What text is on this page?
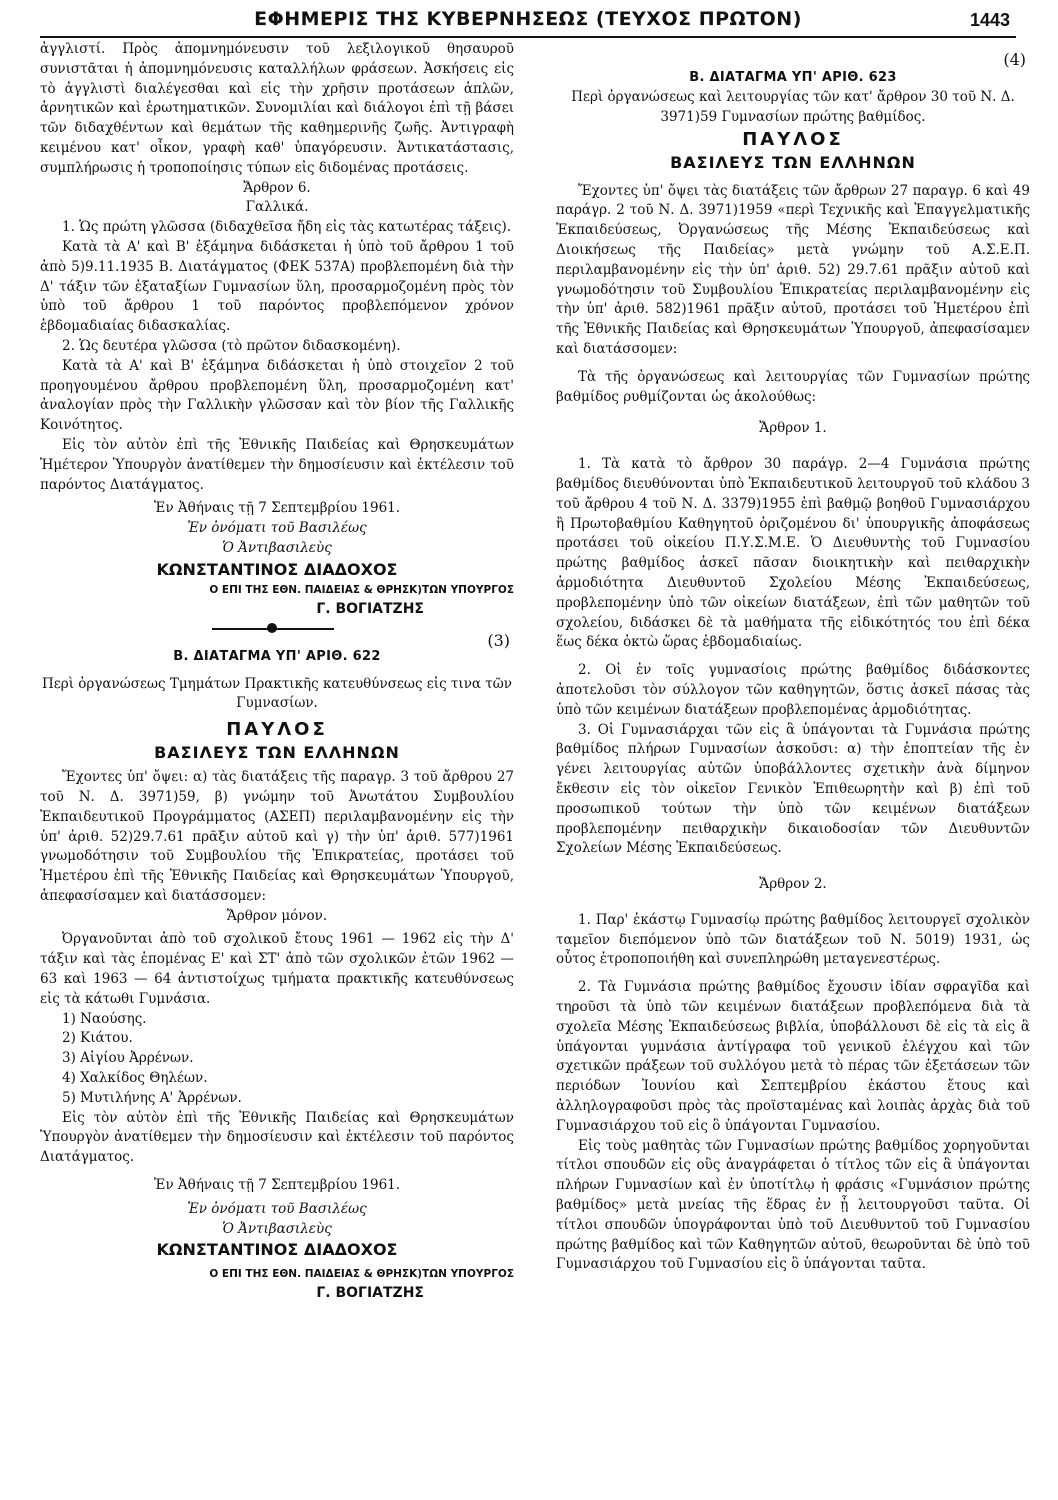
ΕΦΗΜΕΡΙΣ ΤΗΣ ΚΥΒΕΡΝΗΣΕΩΣ (ΤΕΥΧΟΣ ΠΡΩΤΟΝ)	1443

ἀγγλιστί. Πρὸς ἀπομνημόνευσιν τοῦ λεξιλογικοῦ θησαυροῦ συνιστᾶται ἡ ἀπομνημόνευσις καταλλήλων φράσεων. Ἀσκήσεις εἰς τὸ ἀγγλιστὶ διαλέγεσθαι καὶ εἰς τὴν χρῆσιν προτάσεων ἁπλῶν, ἀρνητικῶν καὶ ἐρωτηματικῶν. Συνομιλίαι καὶ διάλογοι ἐπὶ τῇ βάσει τῶν διδαχθέντων καὶ θεμάτων τῆς καθημερινῆς ζωῆς. Ἀντιγραφὴ κειμένου κατ' οἶκον, γραφὴ καθ' ὑπαγόρευσιν. Ἀντικατάστασις, συμπλήρωσις ἡ τροποποίησις τύπων εἰς διδομένας προτάσεις.

Ἄρθρον 6.

Γαλλικά.

1. Ὡς πρώτη γλῶσσα (διδαχθεῖσα ἤδη εἰς τὰς κατωτέρας τάξεις).

Κατὰ τὰ Α' καὶ Β' ἑξάμηνα διδάσκεται ἡ ὑπὸ τοῦ ἄρθρου 1 τοῦ ἀπὸ 5)9.11.1935 Β. Διατάγματος (ΦΕΚ 537Α) προβλεπομένη διὰ τὴν Δ' τάξιν τῶν ἑξαταξίων Γυμνασίων ὕλη, προσαρμοζομένη πρὸς τὸν ὑπὸ τοῦ ἄρθρου 1 τοῦ παρόντος προβλεπόμενον χρόνον ἑβδομαδιαίας διδασκαλίας.

2. Ὡς δευτέρα γλῶσσα (τὸ πρῶτον διδασκομένη).

Κατὰ τὰ Α' καὶ Β' ἑξάμηνα διδάσκεται ἡ ὑπὸ στοιχεῖον 2 τοῦ προηγουμένου ἄρθρου προβλεπομένη ὕλη, προσαρμοζομένη κατ' ἀναλογίαν πρὸς τὴν Γαλλικὴν γλῶσσαν καὶ τὸν βίον τῆς Γαλλικῆς Κοινότητος.

Εἰς τὸν αὐτὸν ἐπὶ τῆς Ἐθνικῆς Παιδείας καὶ Θρησκευμάτων Ἡμέτερον Ὑπουργὸν ἀνατίθεμεν τὴν δημοσίευσιν καὶ ἐκτέλεσιν τοῦ παρόντος Διατάγματος.

Ἐν Ἀθήναις τῇ 7 Σεπτεμβρίου 1961.

Ἐν ὀνόματι τοῦ Βασιλέως

Ὁ Ἀντιβασιλεὺς

ΚΩΝΣΤΑΝΤΙΝΟΣ ΔΙΑΔΟΧΟΣ

Ο ΕΠΙ ΤΗΣ ΕΘΝ. ΠΑΙΔΕΙΑΣ & ΘΡΗΣΚ)ΤΩΝ ΥΠΟΥΡΓΟΣ

Γ. ΒΟΓΙΑΤΖΗΣ

(3)

Β. ΔΙΑΤΑΓΜΑ ΥΠ' ΑΡΙΘ. 622

Περὶ ὀργανώσεως Τμημάτων Πρακτικῆς κατευθύνσεως εἰς τινα τῶν Γυμνασίων.

ΠΑΥΛΟΣ

ΒΑΣΙΛΕΥΣ ΤΩΝ ΕΛΛΗΝΩΝ

Ἔχοντες ὑπ' ὄψει: α) τὰς διατάξεις τῆς παραγρ. 3 τοῦ ἄρθρου 27 τοῦ Ν. Δ. 3971)59, β) γνώμην τοῦ Ἀνωτάτου Συμβουλίου Ἐκπαιδευτικοῦ Προγράμματος (ΑΣΕΠ) περιλαμβανομένην εἰς τὴν ὑπ' ἀριθ. 52)29.7.61 πρᾶξιν αὐτοῦ καὶ γ) τὴν ὑπ' ἀριθ. 577)1961 γνωμοδότησιν τοῦ Συμβουλίου τῆς Ἐπικρατείας, προτάσει τοῦ Ἡμετέρου ἐπὶ τῆς Ἐθνικῆς Παιδείας καὶ Θρησκευμάτων Ὑπουργοῦ, ἀπεφασίσαμεν καὶ διατάσσομεν:

Ἄρθρον μόνον.

Ὀργανοῦνται ἀπὸ τοῦ σχολικοῦ ἔτους 1961 — 1962 εἰς τὴν Δ' τάξιν καὶ τὰς ἑπομένας Ε' καὶ ΣΤ' ἀπὸ τῶν σχολικῶν ἐτῶν 1962 —63 καὶ 1963 — 64 ἀντιστοίχως τμήματα πρακτικῆς κατευθύνσεως εἰς τὰ κάτωθι Γυμνάσια.

1) Ναούσης.
2) Κιάτου.
3) Αἰγίου Ἀρρένων.
4) Χαλκίδος Θηλέων.
5) Μυτιλήνης Α' Ἀρρένων.

Εἰς τὸν αὐτὸν ἐπὶ τῆς Ἐθνικῆς Παιδείας καὶ Θρησκευμάτων Ὑπουργὸν ἀνατίθεμεν τὴν δημοσίευσιν καὶ ἐκτέλεσιν τοῦ παρόντος Διατάγματος.

Ἐν Ἀθήναις τῇ 7 Σεπτεμβρίου 1961.

Ἐν ὀνόματι τοῦ Βασιλέως

Ὁ Ἀντιβασιλεὺς

ΚΩΝΣΤΑΝΤΙΝΟΣ ΔΙΑΔΟΧΟΣ

Ο ΕΠΙ ΤΗΣ ΕΘΝ. ΠΑΙΔΕΙΑΣ & ΘΡΗΣΚ)ΤΩΝ ΥΠΟΥΡΓΟΣ

Γ. ΒΟΓΙΑΤΖΗΣ

(4)

Β. ΔΙΑΤΑΓΜΑ ΥΠ' ΑΡΙΘ. 623

Περὶ ὀργανώσεως καὶ λειτουργίας τῶν κατ' ἄρθρον 30 τοῦ Ν. Δ. 3971)59 Γυμνασίων πρώτης βαθμίδος.

ΠΑΥΛΟΣ

ΒΑΣΙΛΕΥΣ ΤΩΝ ΕΛΛΗΝΩΝ

Ἔχοντες ὑπ' ὄψει τὰς διατάξεις τῶν ἄρθρων 27 παραγρ. 6 καὶ 49 παράγρ. 2 τοῦ Ν. Δ. 3971)1959 «περὶ Τεχνικῆς καὶ Ἐπαγγελματικῆς Ἐκπαιδεύσεως, Ὀργανώσεως τῆς Μέσης Ἐκπαιδεύσεως καὶ Διοικήσεως τῆς Παιδείας» μετὰ γνώμην τοῦ Α.Σ.Ε.Π. περιλαμβανομένην εἰς τὴν ὑπ' ἀριθ. 52) 29.7.61 πρᾶξιν αὐτοῦ καὶ γνωμοδότησιν τοῦ Συμβουλίου Ἐπικρατείας περιλαμβανομένην εἰς τὴν ὑπ' ἀριθ. 582)1961 πρᾶξιν αὐτοῦ, προτάσει τοῦ Ἡμετέρου ἐπὶ τῆς Ἐθνικῆς Παιδείας καὶ Θρησκευμάτων Ὑπουργοῦ, ἀπεφασίσαμεν καὶ διατάσσομεν:

Τὰ τῆς ὀργανώσεως καὶ λειτουργίας τῶν Γυμνασίων πρώτης βαθμίδος ρυθμίζονται ὡς ἀκολούθως:

Ἄρθρον 1.

1. Τὰ κατὰ τὸ ἄρθρον 30 παράγρ. 2—4 Γυμνάσια πρώτης βαθμίδος διευθύνονται ὑπὸ Ἐκπαιδευτικοῦ λειτουργοῦ τοῦ κλάδου 3 τοῦ ἄρθρου 4 τοῦ Ν. Δ. 3379)1955 ἐπὶ βαθμῷ βοηθοῦ Γυμνασιάρχου ἢ Πρωτοβαθμίου Καθηγητοῦ ὁριζομένου δι' ὑπουργικῆς ἀποφάσεως προτάσει τοῦ οἰκείου Π.Υ.Σ.Μ.Ε. Ὁ Διευθυντὴς τοῦ Γυμνασίου πρώτης βαθμίδος ἀσκεῖ πᾶσαν διοικητικὴν καὶ πειθαρχικὴν ἁρμοδιότητα Διευθυντοῦ Σχολείου Μέσης Ἐκπαιδεύσεως, προβλεπομένην ὑπὸ τῶν οἰκείων διατάξεων, ἐπὶ τῶν μαθητῶν τοῦ σχολείου, διδάσκει δὲ τὰ μαθήματα τῆς εἰδικότητός του ἐπὶ δέκα ἕως δέκα ὀκτὼ ὥρας ἑβδομαδιαίως.

2. Οἱ ἐν τοῖς γυμνασίοις πρώτης βαθμίδος διδάσκοντες ἀποτελοῦσι τὸν σύλλογον τῶν καθηγητῶν, ὅστις ἀσκεῖ πάσας τὰς ὑπὸ τῶν κειμένων διατάξεων προβλεπομένας ἁρμοδιότητας.

3. Οἱ Γυμνασιάρχαι τῶν εἰς ἃ ὑπάγονται τὰ Γυμνάσια πρώτης βαθμίδος πλήρων Γυμνασίων ἀσκοῦσι: α) τὴν ἐποπτείαν τῆς ἐν γένει λειτουργίας αὐτῶν ὑποβάλλοντες σχετικὴν ἀνὰ δίμηνον ἔκθεσιν εἰς τὸν οἰκεῖον Γενικὸν Ἐπιθεωρητὴν καὶ β) ἐπὶ τοῦ προσωπικοῦ τούτων τὴν ὑπὸ τῶν κειμένων διατάξεων προβλεπομένην πειθαρχικὴν δικαιοδοσίαν τῶν Διευθυντῶν Σχολείων Μέσης Ἐκπαιδεύσεως.

Ἄρθρον 2.

1. Παρ' ἑκάστῳ Γυμνασίῳ πρώτης βαθμίδος λειτουργεῖ σχολικὸν ταμεῖον διεπόμενον ὑπὸ τῶν διατάξεων τοῦ Ν. 5019) 1931, ὡς οὗτος ἐτροποποιήθη καὶ συνεπληρώθη μεταγενεστέρως.

2. Τὰ Γυμνάσια πρώτης βαθμίδος ἔχουσιν ἰδίαν σφραγῖδα καὶ τηροῦσι τὰ ὑπὸ τῶν κειμένων διατάξεων προβλεπόμενα διὰ τὰ σχολεῖα Μέσης Ἐκπαιδεύσεως βιβλία, ὑποβάλλουσι δὲ εἰς τὰ εἰς ἃ ὑπάγονται γυμνάσια ἀντίγραφα τοῦ γενικοῦ ἐλέγχου καὶ τῶν σχετικῶν πράξεων τοῦ συλλόγου μετὰ τὸ πέρας τῶν ἐξετάσεων τῶν περιόδων Ἰουνίου καὶ Σεπτεμβρίου ἑκάστου ἔτους καὶ ἀλληλογραφοῦσι πρὸς τὰς προϊσταμένας καὶ λοιπὰς ἀρχὰς διὰ τοῦ Γυμνασιάρχου τοῦ εἰς ὃ ὑπάγονται Γυμνασίου.

Εἰς τοὺς μαθητὰς τῶν Γυμνασίων πρώτης βαθμίδος χορηγοῦνται τίτλοι σπουδῶν εἰς οὓς ἀναγράφεται ὁ τίτλος τῶν εἰς ἃ ὑπάγονται πλήρων Γυμνασίων καὶ ἐν ὑποτίτλῳ ἡ φράσις «Γυμνάσιον πρώτης βαθμίδος» μετὰ μνείας τῆς ἕδρας ἐν ᾗ λειτουργοῦσι ταῦτα. Οἱ τίτλοι σπουδῶν ὑπογράφονται ὑπὸ τοῦ Διευθυντοῦ τοῦ Γυμνασίου πρώτης βαθμίδος καὶ τῶν Καθηγητῶν αὐτοῦ, θεωροῦνται δὲ ὑπὸ τοῦ Γυμνασιάρχου τοῦ Γυμνασίου εἰς ὃ ὑπάγονται ταῦτα.
